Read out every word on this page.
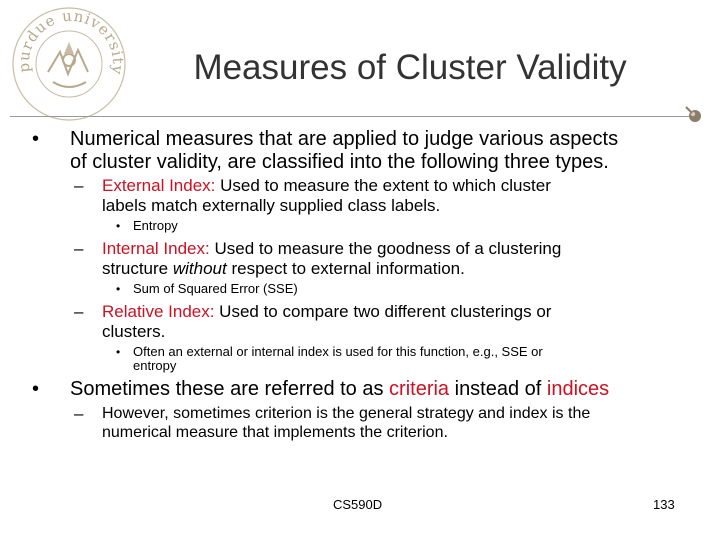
purdue university	Measures of Cluster Validity
• Numerical measures that are applied to judge various aspects
of cluster validity, are classified into the following three types.
– External Index: Used to measure the extent to which cluster
labels match externally supplied class labels.
• Entropy
– Internal Index: Used to measure the goodness of a clustering
structure without respect to external information.
• Sum of Squared Error (SSE)
– Relative Index: Used to compare two different clusterings or
clusters.
• Often an external or internal index is used for this function, e.g., SSE or
entropy
• Sometimes these are referred to as criteria instead of indices
– However, sometimes criterion is the general strategy and index is the
numerical measure that implements the criterion.
CS590D	133
